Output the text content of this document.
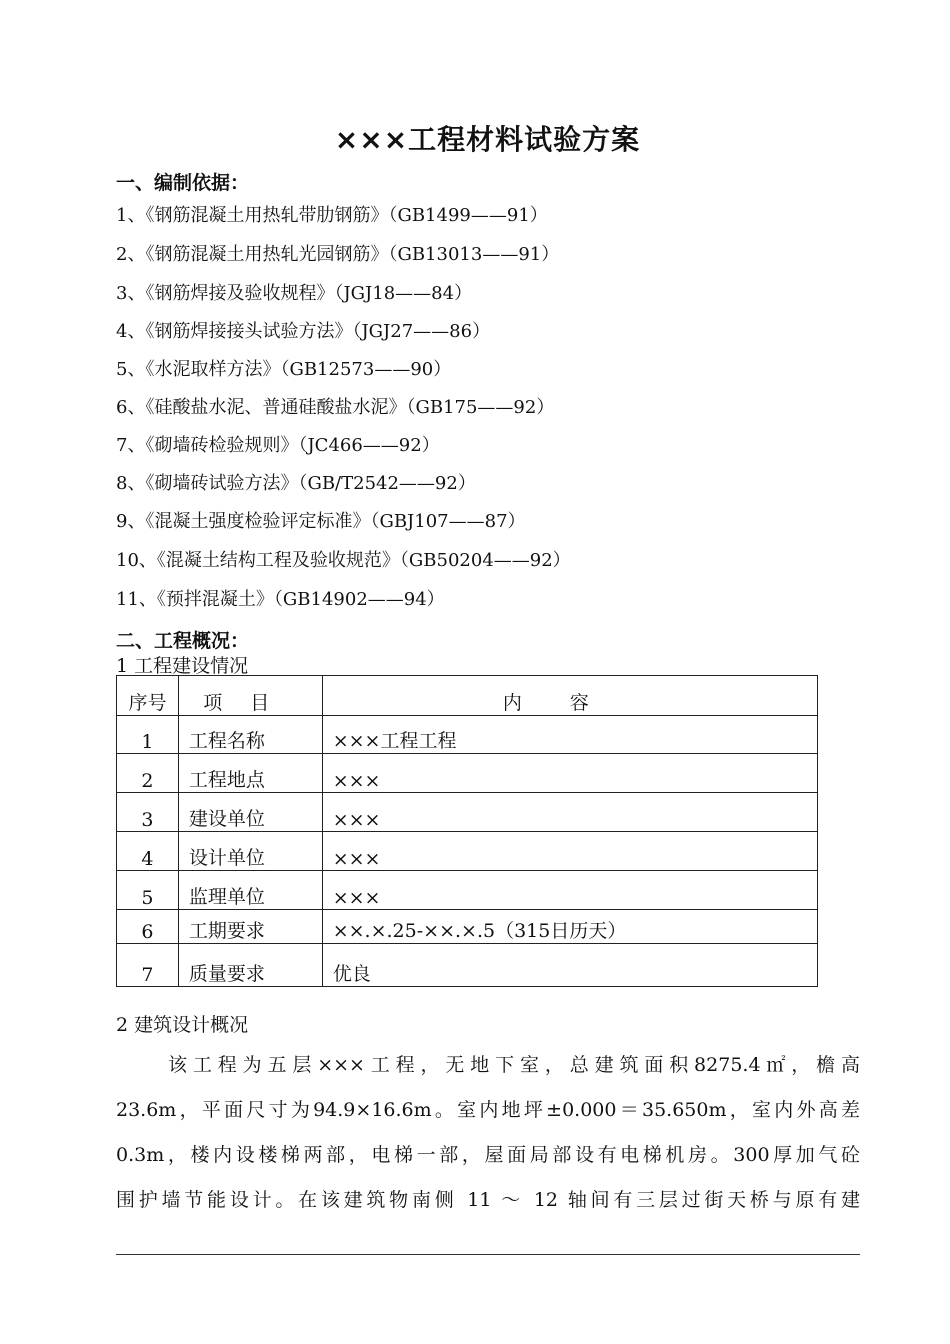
×××工程材料试验方案
一、编制依据：
1、《钢筋混凝土用热轧带肋钢筋》（GB1499——91）
2、《钢筋混凝土用热轧光园钢筋》（GB13013——91）
3、《钢筋焊接及验收规程》（JGJ18——84）
4、《钢筋焊接接头试验方法》（JGJ27——86）
5、《水泥取样方法》（GB12573——90）
6、《硅酸盐水泥、普通硅酸盐水泥》（GB175——92）
7、《砌墙砖检验规则》（JC466——92）
8、《砌墙砖试验方法》（GB/T2542——92）
9、《混凝土强度检验评定标准》（GBJ107——87）
10、《混凝土结构工程及验收规范》（GB50204——92）
11、《预拌混凝土》（GB14902——94）
二、工程概况：
1 工程建设情况
序号	项目	内容
1	工程名称	×××工程工程
2	工程地点	×××
3	建设单位	×××
4	设计单位	×××
5	监理单位	×××
6	工期要求	××.×.25-××.×.5（315日历天）
7	质量要求	优良
2 建筑设计概况
该工程为五层×××工程，无地下室，总建筑面积8275.4㎡，檐高
23.6m，平面尺寸为94.9×16.6m。室内地坪±0.000＝35.650m，室内外高差
0.3m，楼内设楼梯两部，电梯一部，屋面局部设有电梯机房。300厚加气砼
围护墙节能设计。在该建筑物南侧 11 ～ 12 轴间有三层过街天桥与原有建
